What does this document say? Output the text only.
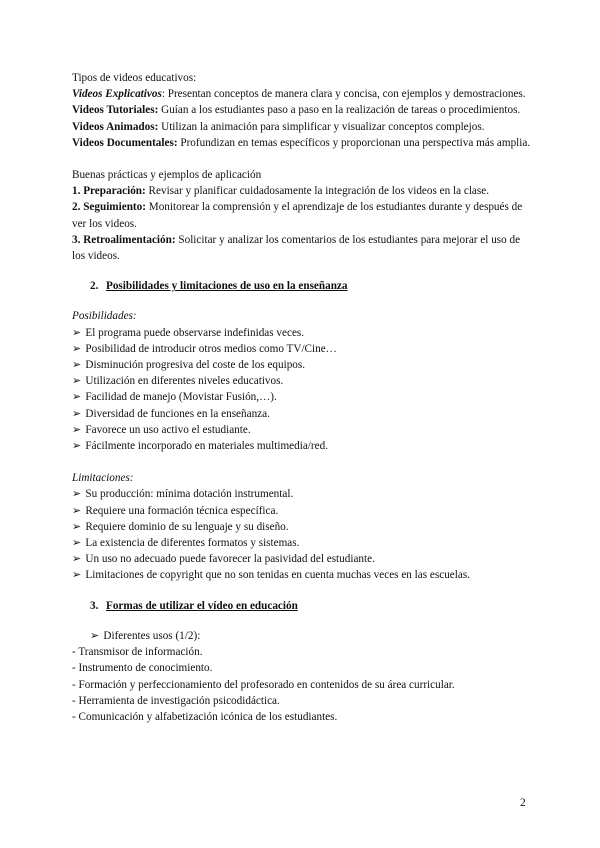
Tipos de videos educativos:

Videos Explicativos: Presentan conceptos de manera clara y concisa, con ejemplos y demostraciones.

Videos Tutoriales: Guían a los estudiantes paso a paso en la realización de tareas o procedimientos.

Videos Animados: Utilizan la animación para simplificar y visualizar conceptos complejos.

Videos Documentales: Profundizan en temas específicos y proporcionan una perspectiva más amplia.

Buenas prácticas y ejemplos de aplicación

1. Preparación: Revisar y planificar cuidadosamente la integración de los videos en la clase.

2. Seguimiento: Monitorear la comprensión y el aprendizaje de los estudiantes durante y después de ver los videos.

3. Retroalimentación: Solicitar y analizar los comentarios de los estudiantes para mejorar el uso de los videos.

2. Posibilidades y limitaciones de uso en la enseñanza

Posibilidades:

➢ El programa puede observarse indefinidas veces.

➢ Posibilidad de introducir otros medios como TV/Cine…

➢ Disminución progresiva del coste de los equipos.

➢ Utilización en diferentes niveles educativos.

➢ Facilidad de manejo (Movistar Fusión,…).

➢ Diversidad de funciones en la enseñanza.

➢ Favorece un uso activo el estudiante.

➢ Fácilmente incorporado en materiales multimedia/red.

Limitaciones:

➢ Su producción: mínima dotación instrumental.

➢ Requiere una formación técnica específica.

➢ Requiere dominio de su lenguaje y su diseño.

➢ La existencia de diferentes formatos y sistemas.

➢ Un uso no adecuado puede favorecer la pasividad del estudiante.

➢ Limitaciones de copyright que no son tenidas en cuenta muchas veces en las escuelas.

3. Formas de utilizar el vídeo en educación

➢ Diferentes usos (1/2):

- Transmisor de información.

- Instrumento de conocimiento.

- Formación y perfeccionamiento del profesorado en contenidos de su área curricular.

- Herramienta de investigación psicodidáctica.

- Comunicación y alfabetización icónica de los estudiantes.

2
